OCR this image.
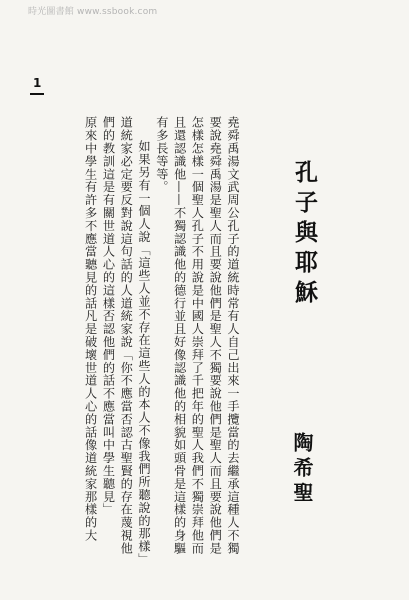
時光圖書館 www.ssbook.com
孔子與耶穌
陶希聖

堯舜禹湯文武周公孔子的道統時常有人自己出來一手攬當的去繼承這種人不獨要說堯舜禹湯是聖人而且要說他們是聖人不獨要說他們是聖人而且要說他們是怎樣怎樣一個聖人孔子不用說是中國人崇拜了千把年的聖人我們不獨崇拜他而且還認識他——不獨認識他的德行並且好像認識他的相貌如頭骨是這樣的身驅有多長等等。

如果另有一個人說「這些人並不存在這些人的本人不像我們所聽說的那樣」道統家必定要反對說這句話的人道統家說「你不應當否認古聖賢的存在蔑視他們的教訓這是有關世道人心的這樣否認他們的話不應當叫中學生聽見」

原來中學生有許多不應當聽見的話凡是破壞世道人心的話像道統家那樣的大

1
